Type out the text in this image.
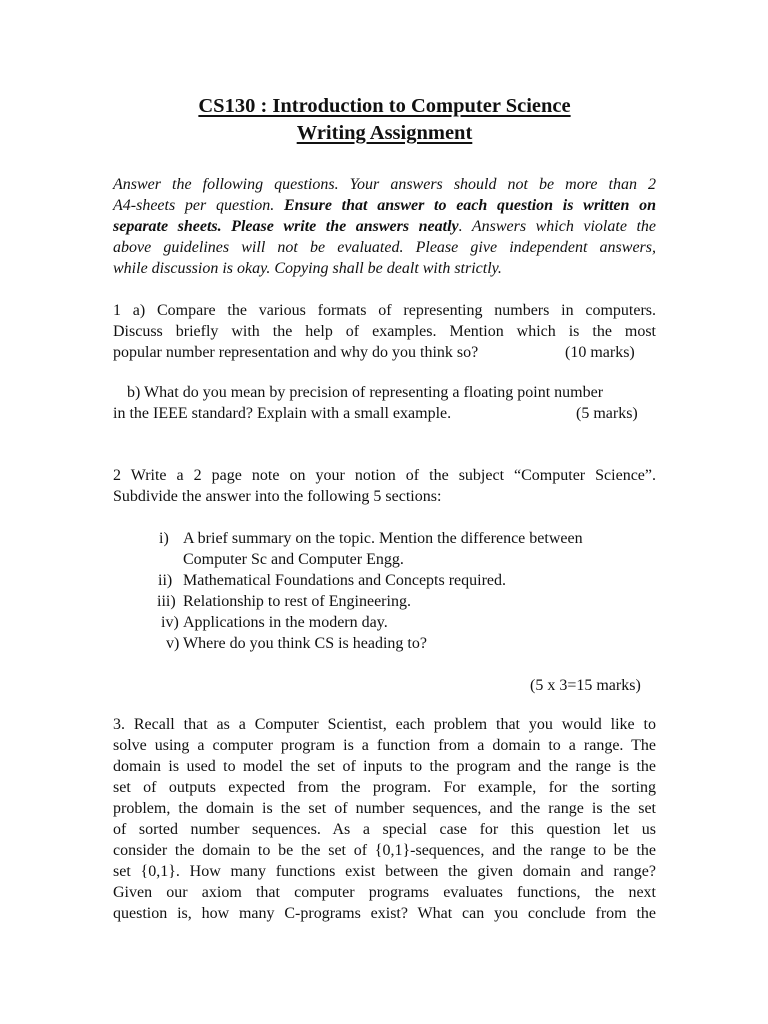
CS130 : Introduction to Computer Science

Writing Assignment

Answer the following questions. Your answers should not be more than 2
A4-sheets per question. Ensure that answer to each question is written on
separate sheets. Please write the answers neatly. Answers which violate the
above guidelines will not be evaluated. Please give independent answers,
while discussion is okay. Copying shall be dealt with strictly.
1 a) Compare the various formats of representing numbers in computers.
Discuss briefly with the help of examples. Mention which is the most
popular number representation and why do you think so?	(10 marks)
b) What do you mean by precision of representing a floating point number
in the IEEE standard? Explain with a small example.	(5 marks)
2 Write a 2 page note on your notion of the subject “Computer Science”.
Subdivide the answer into the following 5 sections:
i) A brief summary on the topic. Mention the difference between
Computer Sc and Computer Engg.
ii) Mathematical Foundations and Concepts required.
iii) Relationship to rest of Engineering.
iv) Applications in the modern day.
v) Where do you think CS is heading to?
(5 x 3=15 marks)
3. Recall that as a Computer Scientist, each problem that you would like to
solve using a computer program is a function from a domain to a range. The
domain is used to model the set of inputs to the program and the range is the
set of outputs expected from the program. For example, for the sorting
problem, the domain is the set of number sequences, and the range is the set
of sorted number sequences. As a special case for this question let us
consider the domain to be the set of {0,1}-sequences, and the range to be the
set {0,1}. How many functions exist between the given domain and range?
Given our axiom that computer programs evaluates functions, the next
question is, how many C-programs exist? What can you conclude from the
